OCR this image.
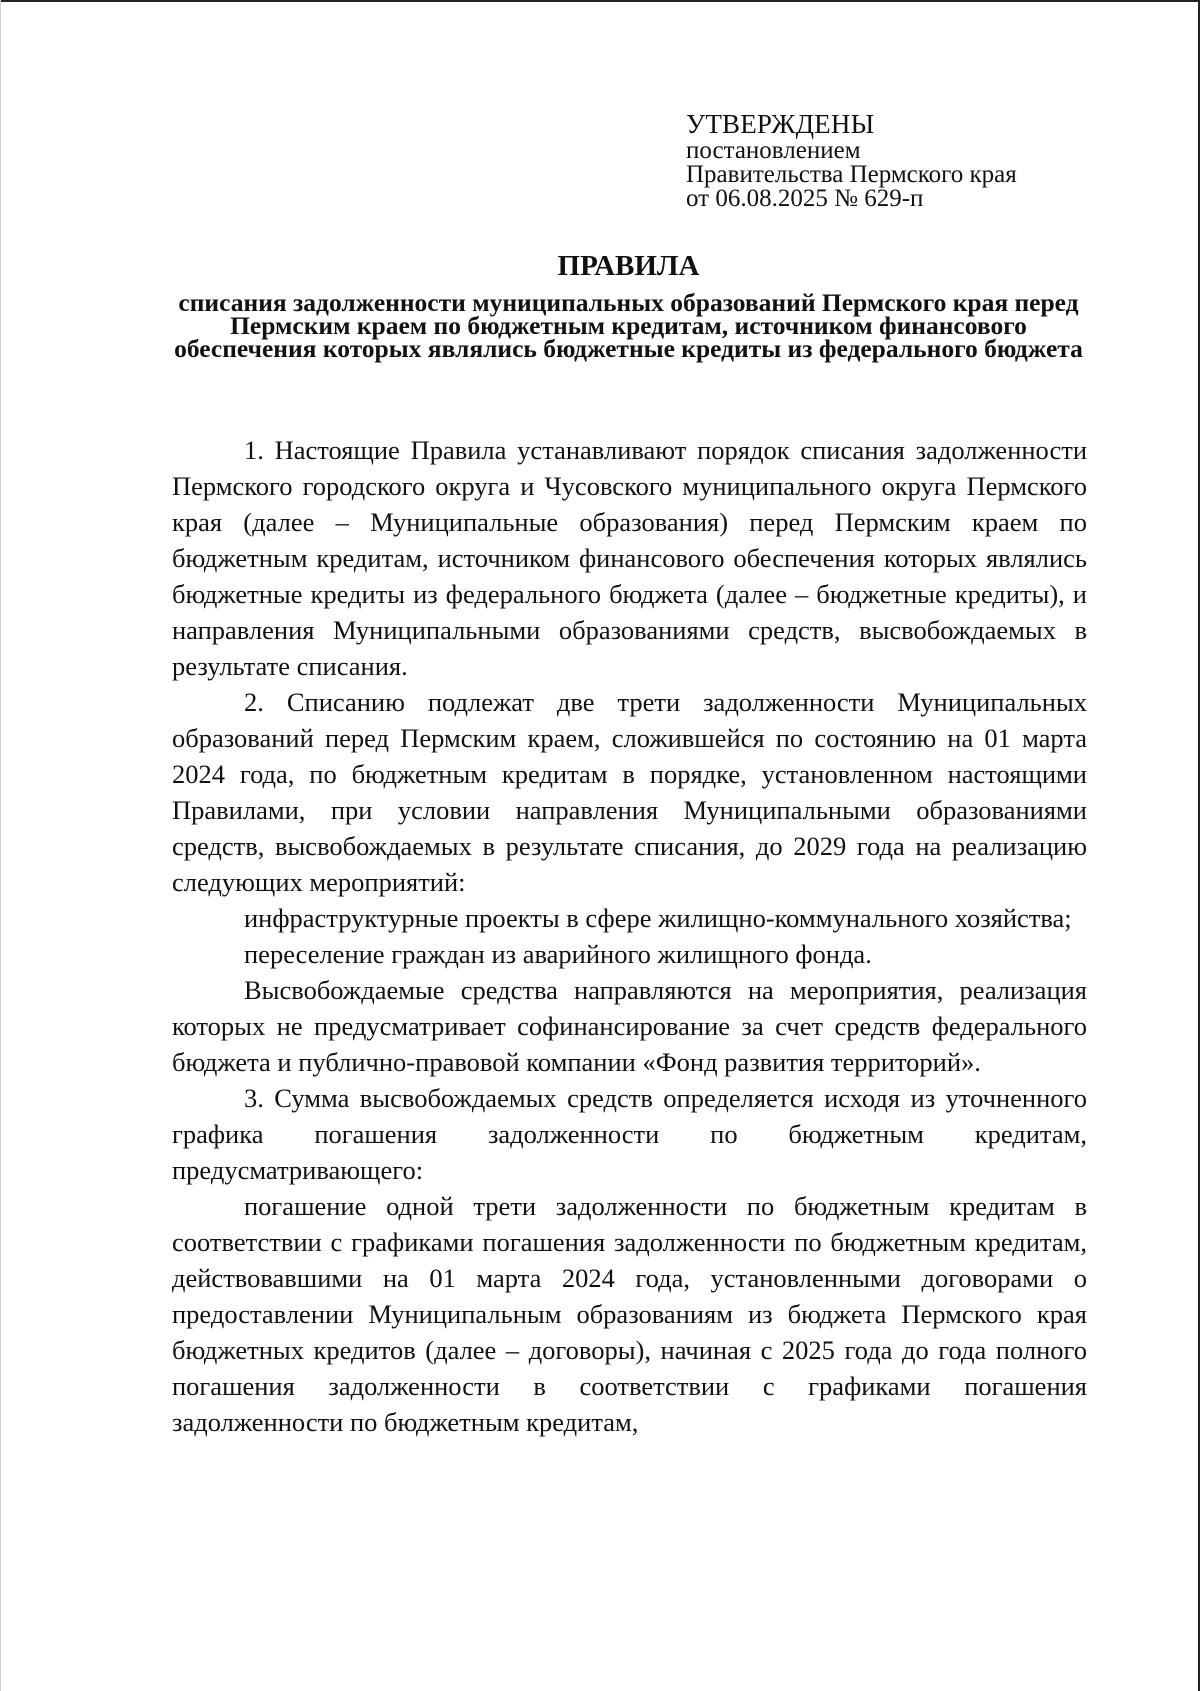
УТВЕРЖДЕНЫ
постановлением
Правительства Пермского края
от 06.08.2025 № 629-п
ПРАВИЛА
списания задолженности муниципальных образований Пермского края перед Пермским краем по бюджетным кредитам, источником финансового обеспечения которых являлись бюджетные кредиты из федерального бюджета

1. Настоящие Правила устанавливают порядок списания задолженности Пермского городского округа и Чусовского муниципального округа Пермского края (далее – Муниципальные образования) перед Пермским краем по бюджетным кредитам, источником финансового обеспечения которых являлись бюджетные кредиты из федерального бюджета (далее – бюджетные кредиты), и направления Муниципальными образованиями средств, высвобождаемых в результате списания.

2. Списанию подлежат две трети задолженности Муниципальных образований перед Пермским краем, сложившейся по состоянию на 01 марта 2024 года, по бюджетным кредитам в порядке, установленном настоящими Правилами, при условии направления Муниципальными образованиями средств, высвобождаемых в результате списания, до 2029 года на реализацию следующих мероприятий:

инфраструктурные проекты в сфере жилищно-коммунального хозяйства;

переселение граждан из аварийного жилищного фонда.

Высвобождаемые средства направляются на мероприятия, реализация которых не предусматривает софинансирование за счет средств федерального бюджета и публично-правовой компании «Фонд развития территорий».

3. Сумма высвобождаемых средств определяется исходя из уточненного графика погашения задолженности по бюджетным кредитам, предусматривающего:

погашение одной трети задолженности по бюджетным кредитам в соответствии с графиками погашения задолженности по бюджетным кредитам, действовавшими на 01 марта 2024 года, установленными договорами о предоставлении Муниципальным образованиям из бюджета Пермского края бюджетных кредитов (далее – договоры), начиная с 2025 года до года полного погашения задолженности в соответствии с графиками погашения задолженности по бюджетным кредитам,
